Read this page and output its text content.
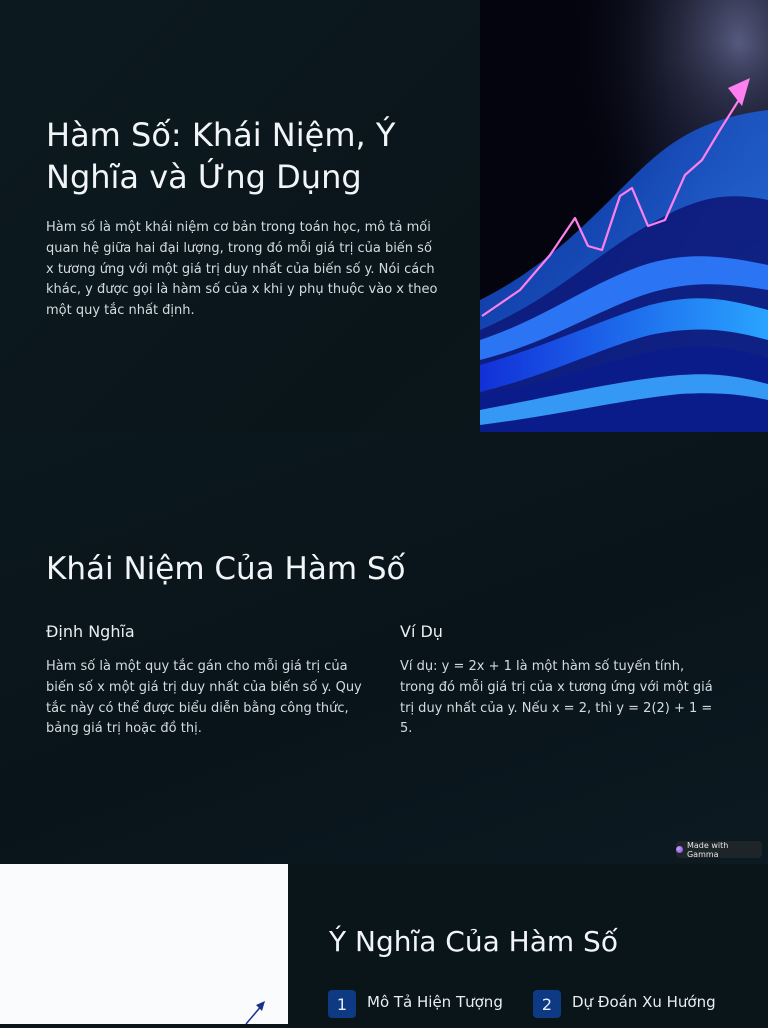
Hàm Số: Khái Niệm, Ý Nghĩa và Ứng Dụng

Hàm số là một khái niệm cơ bản trong toán học, mô tả mối quan hệ giữa hai đại lượng, trong đó mỗi giá trị của biến số x tương ứng với một giá trị duy nhất của biến số y. Nói cách khác, y được gọi là hàm số của x khi y phụ thuộc vào x theo một quy tắc nhất định.

Khái Niệm Của Hàm Số
Định Nghĩa

Hàm số là một quy tắc gán cho mỗi giá trị của biến số x một giá trị duy nhất của biến số y. Quy tắc này có thể được biểu diễn bằng công thức, bảng giá trị hoặc đồ thị.

Ví Dụ

Ví dụ: y = 2x + 1 là một hàm số tuyến tính, trong đó mỗi giá trị của x tương ứng với một giá trị duy nhất của y. Nếu x = 2, thì y = 2(2) + 1 = 5.

Made with Gamma
Ý Nghĩa Của Hàm Số
1	Mô Tả Hiện Tượng	2	Dự Đoán Xu Hướng
